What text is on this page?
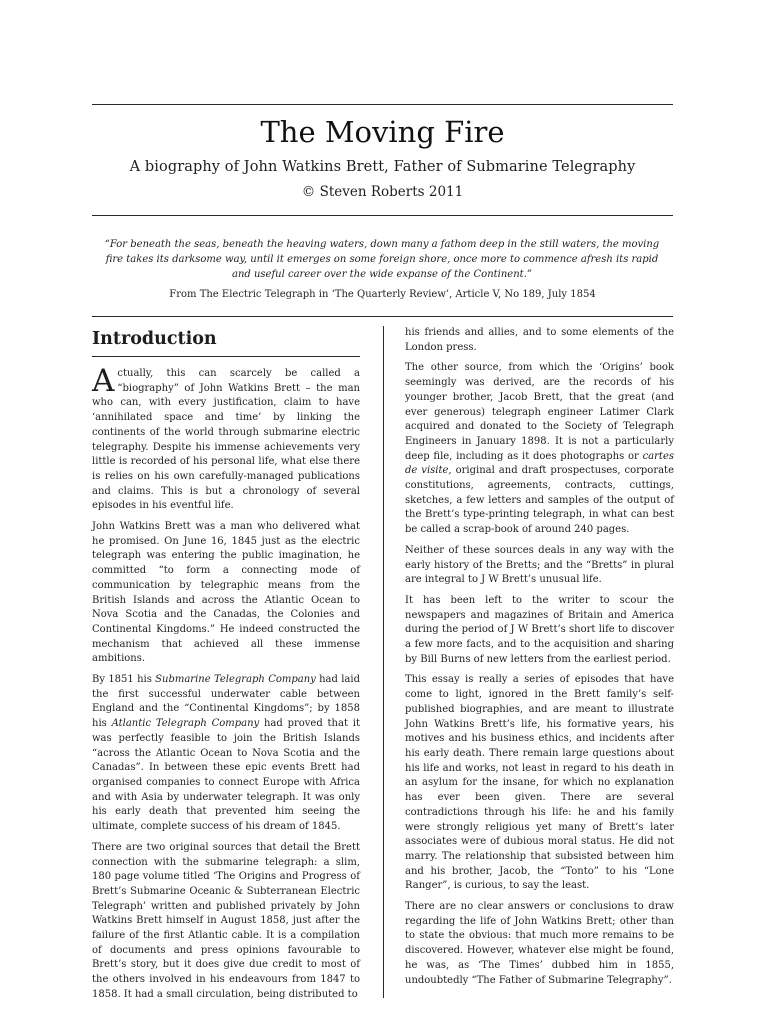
The Moving Fire
A biography of John Watkins Brett, Father of Submarine Telegraphy
© Steven Roberts 2011

“For beneath the seas, beneath the heaving waters, down many a fathom deep in the still waters, the moving fire takes its darksome way, until it emerges on some foreign shore, once more to commence afresh its rapid and useful career over the wide expanse of the Continent.”

From The Electric Telegraph in ‘The Quarterly Review’, Article V, No 189, July 1854
Introduction

Actually, this can scarcely be called a “biography” of John Watkins Brett – the man who can, with every justification, claim to have ‘annihilated space and time’ by linking the continents of the world through submarine electric telegraphy. Despite his immense achievements very little is recorded of his personal life, what else there is relies on his own carefully-managed publications and claims. This is but a chronology of several episodes in his eventful life.

John Watkins Brett was a man who delivered what he promised. On June 16, 1845 just as the electric telegraph was entering the public imagination, he committed “to form a connecting mode of communication by telegraphic means from the British Islands and across the Atlantic Ocean to Nova Scotia and the Canadas, the Colonies and Continental Kingdoms.” He indeed constructed the mechanism that achieved all these immense ambitions.

By 1851 his Submarine Telegraph Company had laid the first successful underwater cable between England and the “Continental Kingdoms”; by 1858 his Atlantic Telegraph Company had proved that it was perfectly feasible to join the British Islands “across the Atlantic Ocean to Nova Scotia and the Canadas”. In between these epic events Brett had organised companies to connect Europe with Africa and with Asia by underwater telegraph. It was only his early death that prevented him seeing the ultimate, complete success of his dream of 1845.

There are two original sources that detail the Brett connection with the submarine telegraph: a slim, 180 page volume titled ‘The Origins and Progress of Brett’s Submarine Oceanic & Subterranean Electric Telegraph’ written and published privately by John Watkins Brett himself in August 1858, just after the failure of the first Atlantic cable. It is a compilation of documents and press opinions favourable to Brett’s story, but it does give due credit to most of the others involved in his endeavours from 1847 to 1858. It had a small circulation, being distributed to

his friends and allies, and to some elements of the London press.

The other source, from which the ‘Origins’ book seemingly was derived, are the records of his younger brother, Jacob Brett, that the great (and ever generous) telegraph engineer Latimer Clark acquired and donated to the Society of Telegraph Engineers in January 1898. It is not a particularly deep file, including as it does photographs or cartes de visite, original and draft prospectuses, corporate constitutions, agreements, contracts, cuttings, sketches, a few letters and samples of the output of the Brett’s type-printing telegraph, in what can best be called a scrap-book of around 240 pages.

Neither of these sources deals in any way with the early history of the Bretts; and the “Bretts” in plural are integral to J W Brett’s unusual life.

It has been left to the writer to scour the newspapers and magazines of Britain and America during the period of J W Brett’s short life to discover a few more facts, and to the acquisition and sharing by Bill Burns of new letters from the earliest period.

This essay is really a series of episodes that have come to light, ignored in the Brett family’s self-published biographies, and are meant to illustrate John Watkins Brett’s life, his formative years, his motives and his business ethics, and incidents after his early death. There remain large questions about his life and works, not least in regard to his death in an asylum for the insane, for which no explanation has ever been given. There are several contradictions through his life: he and his family were strongly religious yet many of Brett’s later associates were of dubious moral status. He did not marry. The relationship that subsisted between him and his brother, Jacob, the “Tonto” to his “Lone Ranger”, is curious, to say the least.

There are no clear answers or conclusions to draw regarding the life of John Watkins Brett; other than to state the obvious: that much more remains to be discovered. However, whatever else might be found, he was, as ‘The Times’ dubbed him in 1855, undoubtedly “The Father of Submarine Telegraphy”.
